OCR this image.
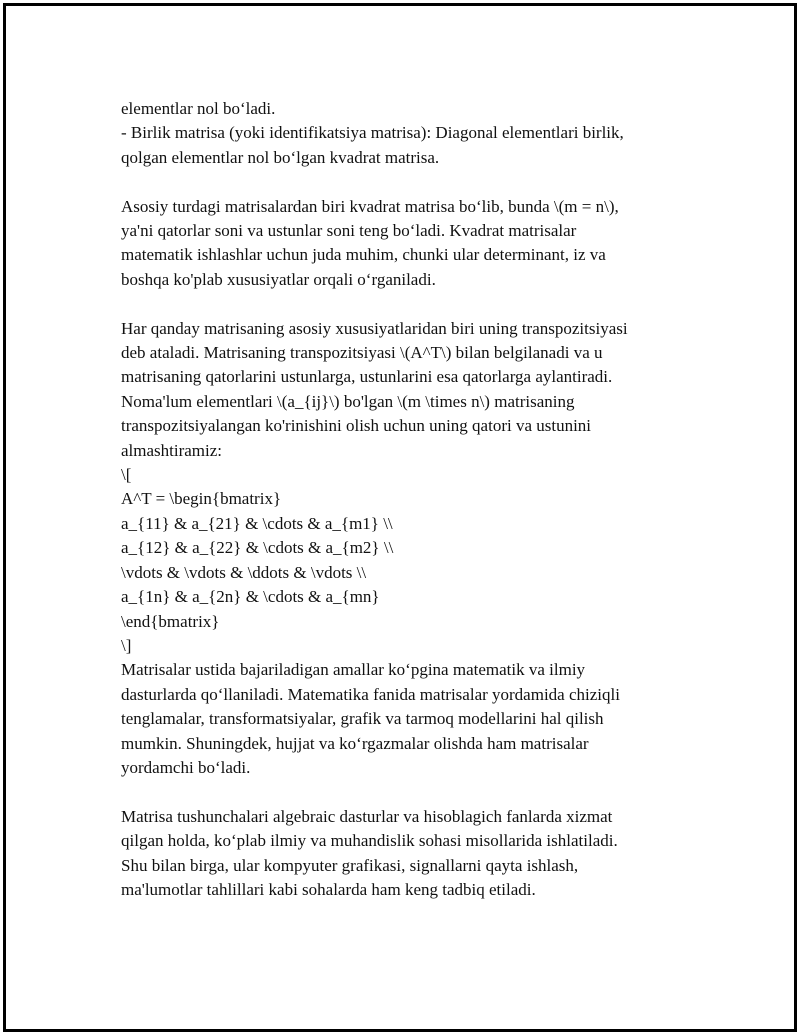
elementlar nol bo‘ladi.
- Birlik matrisa (yoki identifikatsiya matrisa): Diagonal elementlari birlik,
qolgan elementlar nol bo‘lgan kvadrat matrisa.
Asosiy turdagi matrisalardan biri kvadrat matrisa bo‘lib, bunda \(m = n\),
ya'ni qatorlar soni va ustunlar soni teng bo‘ladi. Kvadrat matrisalar
matematik ishlashlar uchun juda muhim, chunki ular determinant, iz va
boshqa ko'plab xususiyatlar orqali o‘rganiladi.
Har qanday matrisaning asosiy xususiyatlaridan biri uning transpozitsiyasi
deb ataladi. Matrisaning transpozitsiyasi \(A^T\) bilan belgilanadi va u
matrisaning qatorlarini ustunlarga, ustunlarini esa qatorlarga aylantiradi.
Noma'lum elementlari \(a_{ij}\) bo'lgan \(m \times n\) matrisaning
transpozitsiyalangan ko'rinishini olish uchun uning qatori va ustunini
almashtiramiz:
\[
A^T = \begin{bmatrix}
a_{11} & a_{21} & \cdots & a_{m1} \\
a_{12} & a_{22} & \cdots & a_{m2} \\
\vdots & \vdots & \ddots & \vdots \\
a_{1n} & a_{2n} & \cdots & a_{mn}
\end{bmatrix}
\]
Matrisalar ustida bajariladigan amallar ko‘pgina matematik va ilmiy
dasturlarda qo‘llaniladi. Matematika fanida matrisalar yordamida chiziqli
tenglamalar, transformatsiyalar, grafik va tarmoq modellarini hal qilish
mumkin. Shuningdek, hujjat va ko‘rgazmalar olishda ham matrisalar
yordamchi bo‘ladi.
Matrisa tushunchalari algebraic dasturlar va hisoblagich fanlarda xizmat
qilgan holda, ko‘plab ilmiy va muhandislik sohasi misollarida ishlatiladi.
Shu bilan birga, ular kompyuter grafikasi, signallarni qayta ishlash,
ma'lumotlar tahlillari kabi sohalarda ham keng tadbiq etiladi.
